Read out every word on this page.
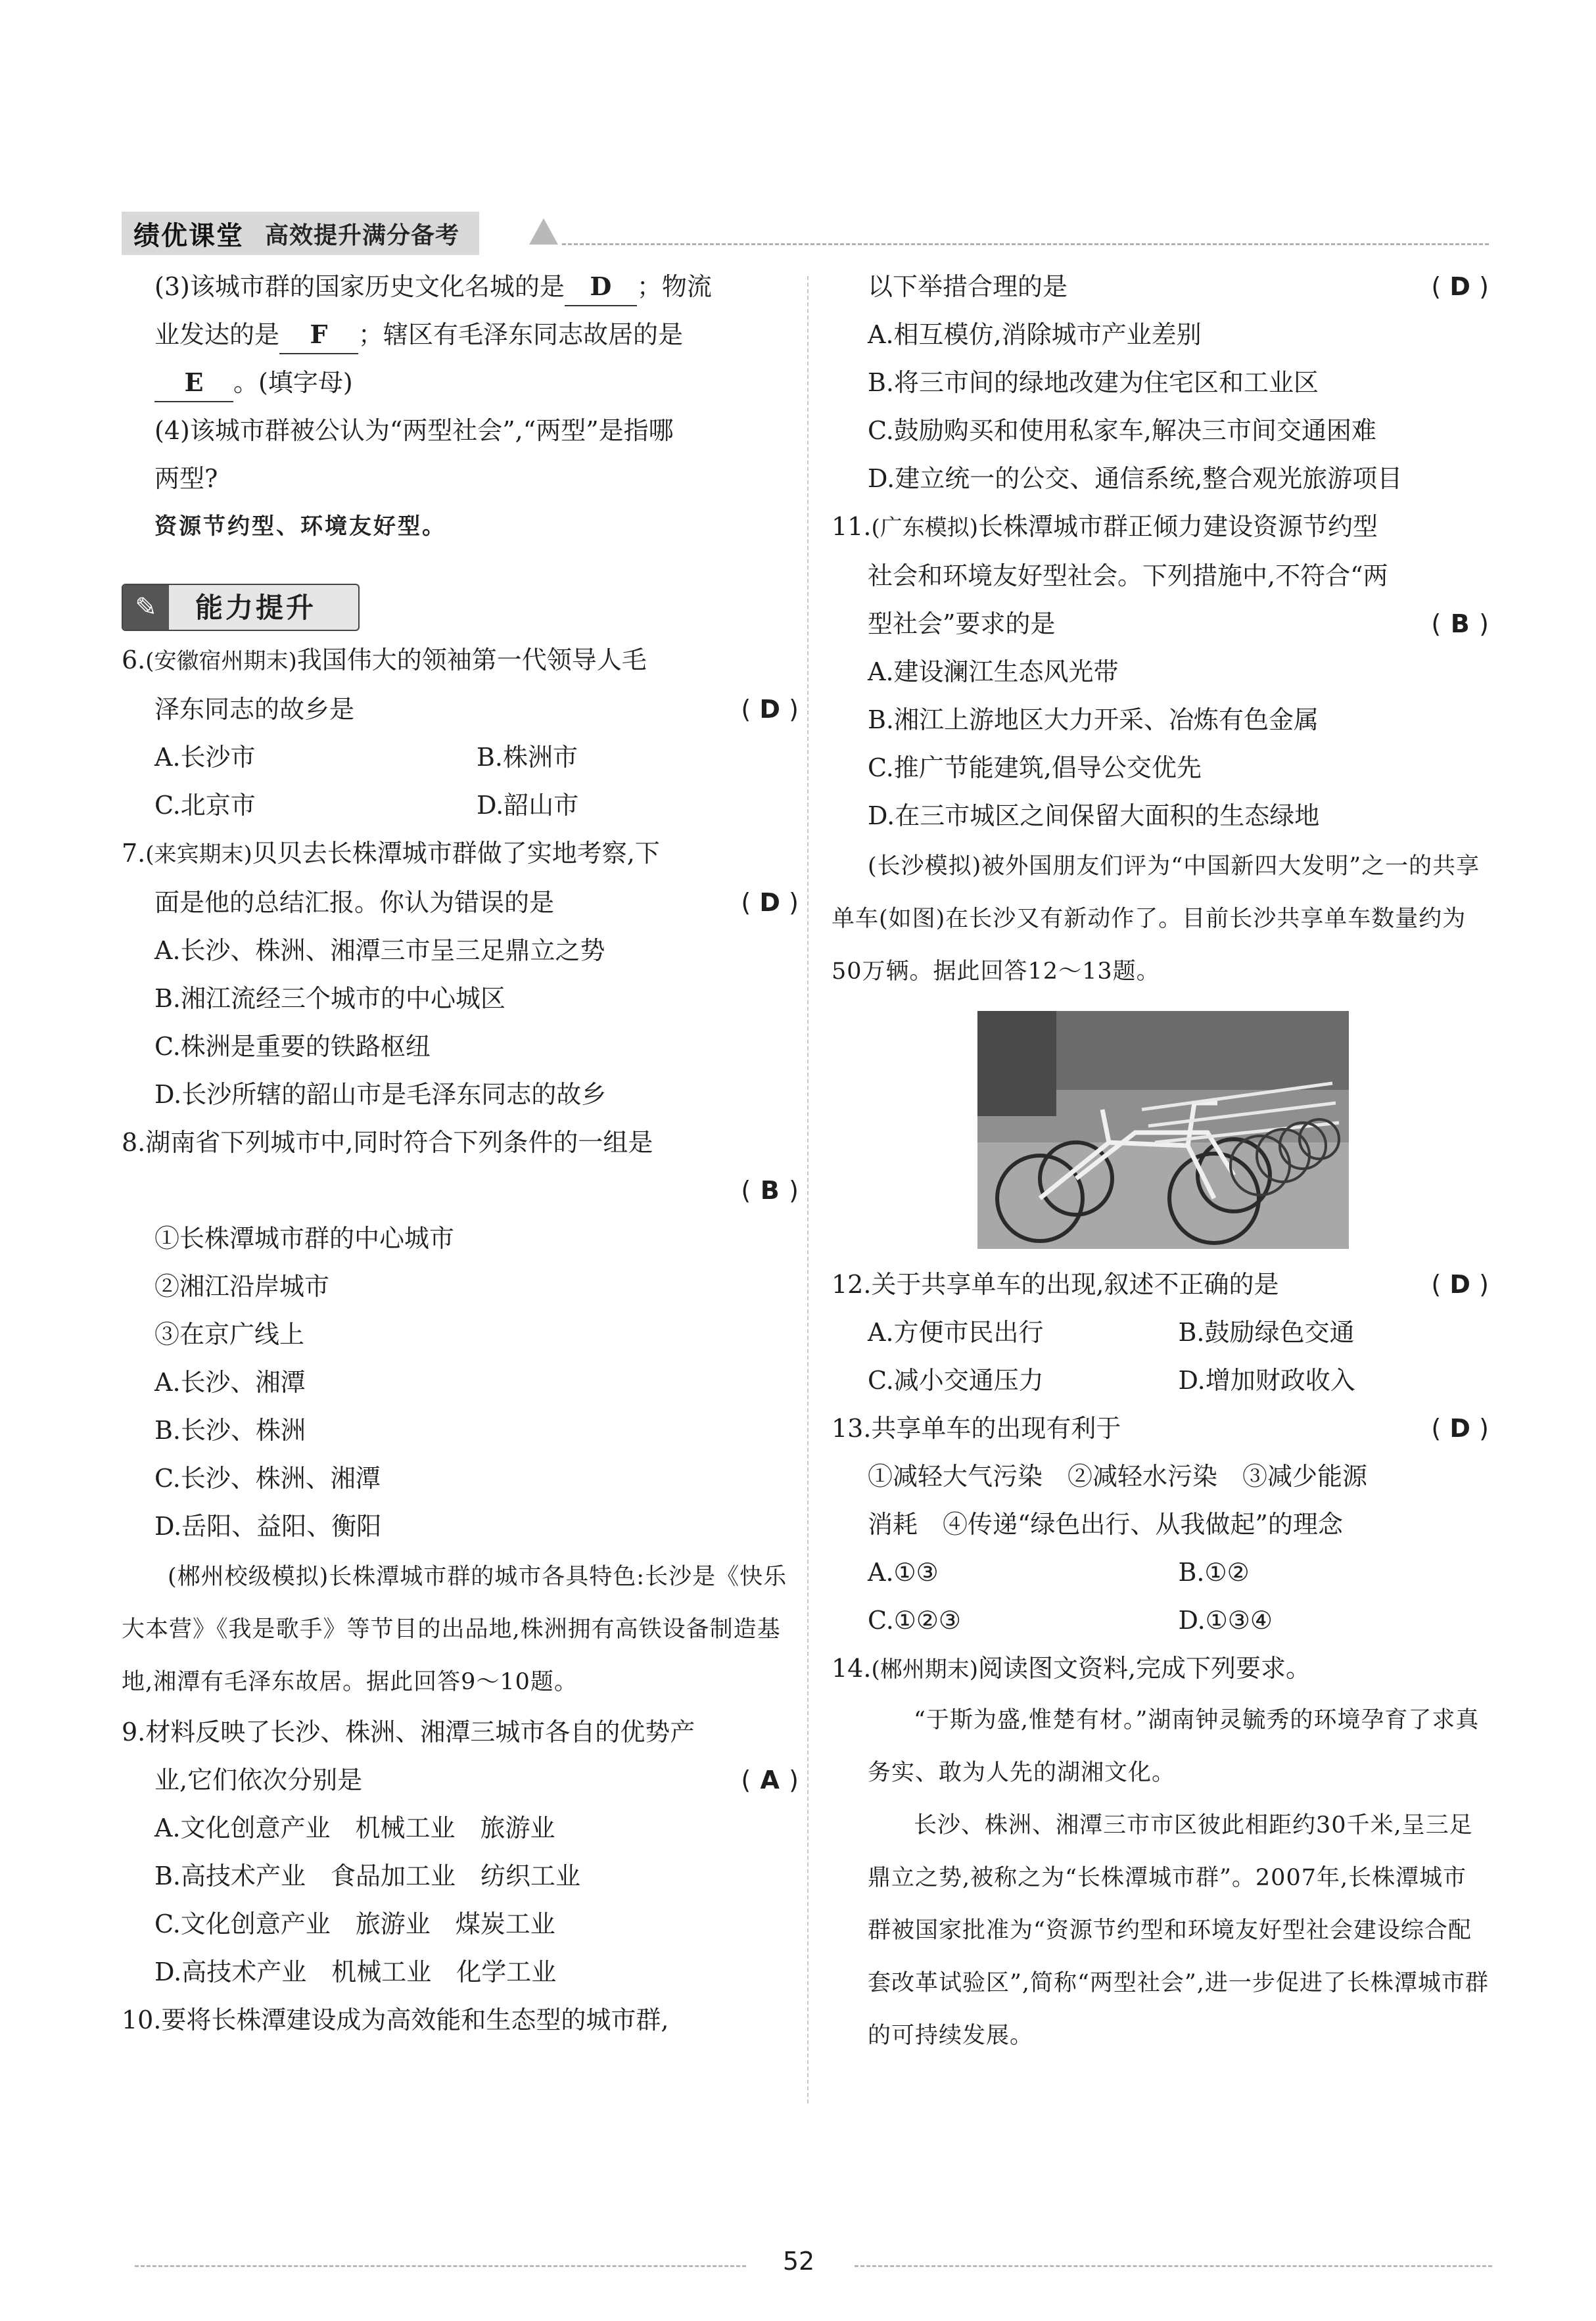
绩优课堂 高效提升满分备考

(3)该城市群的国家历史文化名城的是 D ；物流

业发达的是 F ；辖区有毛泽东同志故居的是

E 。(填字母)

(4)该城市群被公认为“两型社会”,“两型”是指哪

两型?

资源节约型、环境友好型。

✎	能力提升

6.(安徽宿州期末)我国伟大的领袖第一代领导人毛

泽东同志的故乡是	( D )

A.长沙市	B.株洲市
C.北京市	D.韶山市

7.(来宾期末)贝贝去长株潭城市群做了实地考察,下

面是他的总结汇报。你认为错误的是	( D )

A.长沙、株洲、湘潭三市呈三足鼎立之势

B.湘江流经三个城市的中心城区

C.株洲是重要的铁路枢纽

D.长沙所辖的韶山市是毛泽东同志的故乡

8.湖南省下列城市中,同时符合下列条件的一组是

( B )

①长株潭城市群的中心城市

②湘江沿岸城市

③在京广线上

A.长沙、湘潭

B.长沙、株洲

C.长沙、株洲、湘潭

D.岳阳、益阳、衡阳

(郴州校级模拟)长株潭城市群的城市各具特色:长沙是《快乐大本营》《我是歌手》等节目的出品地,株洲拥有高铁设备制造基地,湘潭有毛泽东故居。据此回答9～10题。

9.材料反映了长沙、株洲、湘潭三城市各自的优势产

业,它们依次分别是	( A )

A.文化创意产业　机械工业　旅游业

B.高技术产业　食品加工业　纺织工业

C.文化创意产业　旅游业　煤炭工业

D.高技术产业　机械工业　化学工业

10.要将长株潭建设成为高效能和生态型的城市群,

以下举措合理的是	( D )

A.相互模仿,消除城市产业差别

B.将三市间的绿地改建为住宅区和工业区

C.鼓励购买和使用私家车,解决三市间交通困难

D.建立统一的公交、通信系统,整合观光旅游项目

11.(广东模拟)长株潭城市群正倾力建设资源节约型

社会和环境友好型社会。下列措施中,不符合“两

型社会”要求的是	( B )

A.建设澜江生态风光带

B.湘江上游地区大力开采、冶炼有色金属

C.推广节能建筑,倡导公交优先

D.在三市城区之间保留大面积的生态绿地

(长沙模拟)被外国朋友们评为“中国新四大发明”之一的共享单车(如图)在长沙又有新动作了。目前长沙共享单车数量约为50万辆。据此回答12～13题。

12.关于共享单车的出现,叙述不正确的是	( D )

A.方便市民出行	B.鼓励绿色交通
C.减小交通压力	D.增加财政收入

13.共享单车的出现有利于	( D )

①减轻大气污染　②减轻水污染　③减少能源

消耗　④传递“绿色出行、从我做起”的理念

A.①③	B.①②
C.①②③	D.①③④

14.(郴州期末)阅读图文资料,完成下列要求。

“于斯为盛,惟楚有材。”湖南钟灵毓秀的环境孕育了求真务实、敢为人先的湖湘文化。

长沙、株洲、湘潭三市市区彼此相距约30千米,呈三足鼎立之势,被称之为“长株潭城市群”。2007年,长株潭城市群被国家批准为“资源节约型和环境友好型社会建设综合配套改革试验区”,简称“两型社会”,进一步促进了长株潭城市群的可持续发展。

52
